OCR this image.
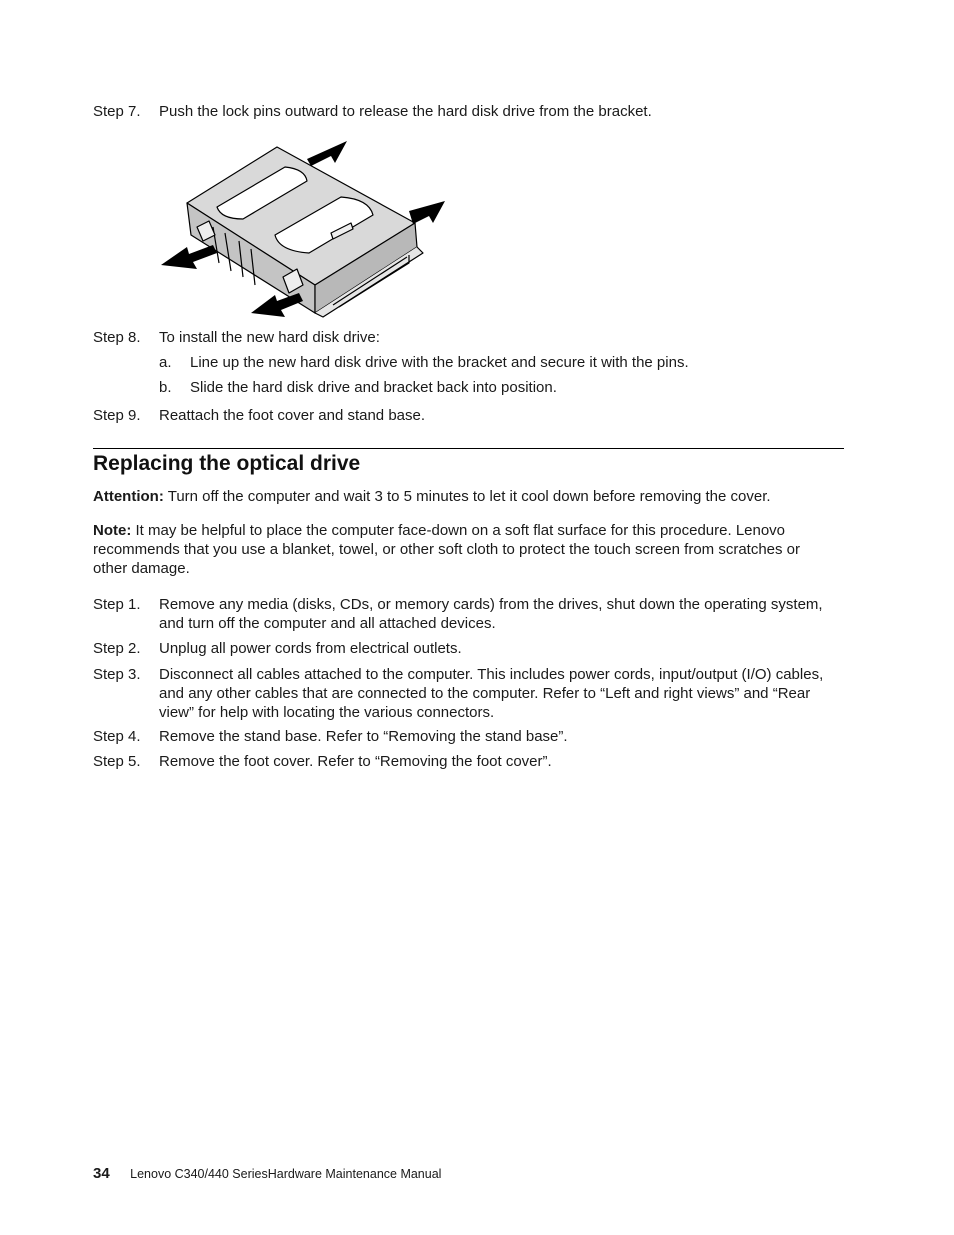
Step 7. Push the lock pins outward to release the hard disk drive from the bracket.
Step 8. To install the new hard disk drive:
a. Line up the new hard disk drive with the bracket and secure it with the pins.
b. Slide the hard disk drive and bracket back into position.
Step 9. Reattach the foot cover and stand base.
Replacing the optical drive
Attention: Turn off the computer and wait 3 to 5 minutes to let it cool down before removing the cover.
Note: It may be helpful to place the computer face-down on a soft flat surface for this procedure. Lenovo recommends that you use a blanket, towel, or other soft cloth to protect the touch screen from scratches or other damage.
Step 1. Remove any media (disks, CDs, or memory cards) from the drives, shut down the operating system, and turn off the computer and all attached devices.
Step 2. Unplug all power cords from electrical outlets.
Step 3. Disconnect all cables attached to the computer. This includes power cords, input/output (I/O) cables, and any other cables that are connected to the computer. Refer to “Left and right views” and “Rear view” for help with locating the various connectors.
Step 4. Remove the stand base. Refer to “Removing the stand base”.
Step 5. Remove the foot cover. Refer to “Removing the foot cover”.
34 Lenovo C340/440 SeriesHardware Maintenance Manual
